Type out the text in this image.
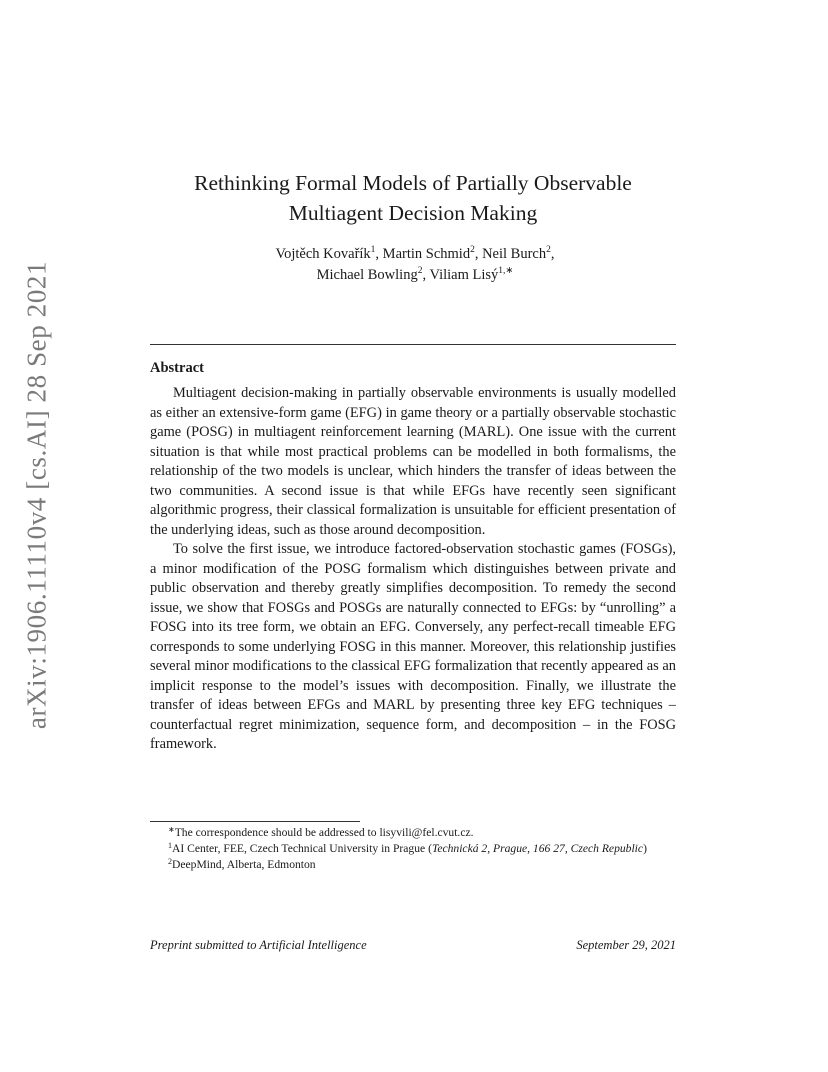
arXiv:1906.11110v4 [cs.AI] 28 Sep 2021
Rethinking Formal Models of Partially Observable
Multiagent Decision Making
Vojtěch Kovařík$^1$, Martin Schmid$^2$, Neil Burch$^2$,
Michael Bowling$^2$, Viliam Lisý$^{1,∗}$
Abstract

Multiagent decision-making in partially observable environments is usually modelled as either an extensive-form game (EFG) in game theory or a partially observable stochastic game (POSG) in multiagent reinforcement learning (MARL). One issue with the current situation is that while most practical problems can be modelled in both formalisms, the relationship of the two models is unclear, which hinders the transfer of ideas between the two communities. A second issue is that while EFGs have recently seen significant algorithmic progress, their classical formalization is unsuitable for efficient presentation of the underlying ideas, such as those around decomposition.

To solve the first issue, we introduce factored-observation stochastic games (FOSGs), a minor modification of the POSG formalism which distinguishes between private and public observation and thereby greatly simplifies decomposition. To remedy the second issue, we show that FOSGs and POSGs are naturally connected to EFGs: by “unrolling” a FOSG into its tree form, we obtain an EFG. Conversely, any perfect-recall timeable EFG corresponds to some underlying FOSG in this manner. Moreover, this relationship justifies several minor modifications to the classical EFG formalization that recently appeared as an implicit response to the model’s issues with decomposition. Finally, we illustrate the transfer of ideas between EFGs and MARL by presenting three key EFG techniques – counterfactual regret minimization, sequence form, and decomposition – in the FOSG framework.

∗The correspondence should be addressed to lisyvili@fel.cvut.cz.

$^1$AI Center, FEE, Czech Technical University in Prague (Technická 2, Prague, 166 27, Czech Republic)

$^2$DeepMind, Alberta, Edmonton

Preprint submitted to Artificial Intelligence	September 29, 2021
